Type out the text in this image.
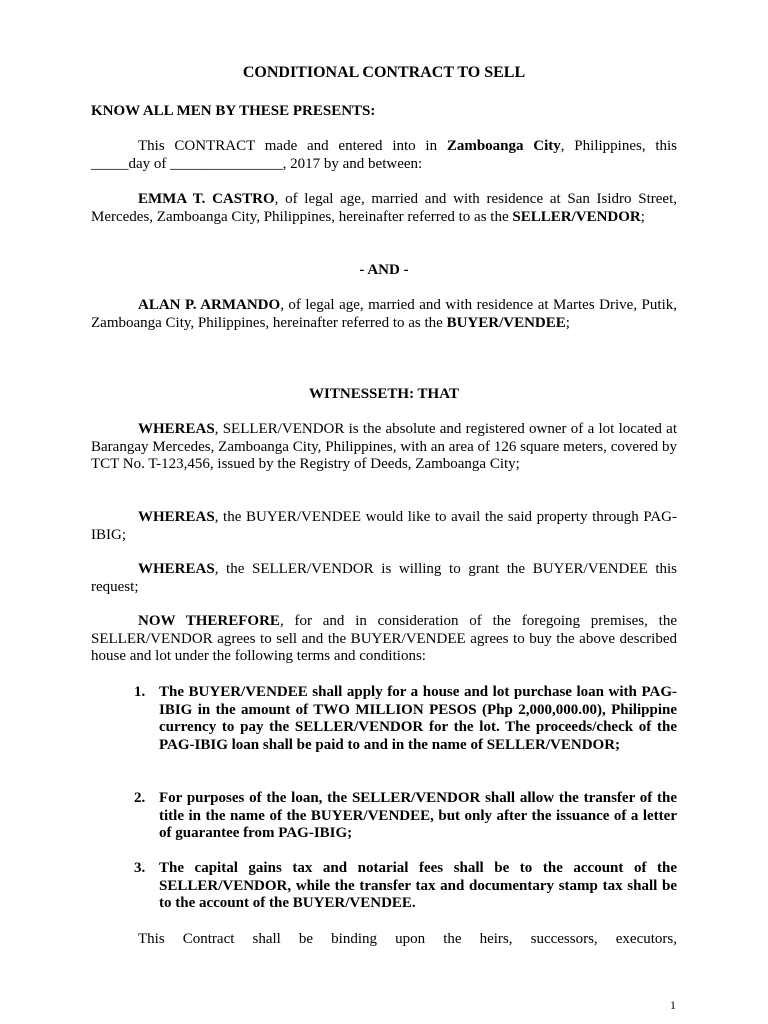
CONDITIONAL CONTRACT TO SELL

KNOW ALL MEN BY THESE PRESENTS:

This CONTRACT made and entered into in Zamboanga City, Philippines, this _____day of _______________, 2017 by and between:

EMMA T. CASTRO, of legal age, married and with residence at San Isidro Street, Mercedes, Zamboanga City, Philippines, hereinafter referred to as the SELLER/VENDOR;

- AND -

ALAN P. ARMANDO, of legal age, married and with residence at Martes Drive, Putik, Zamboanga City, Philippines, hereinafter referred to as the BUYER/VENDEE;

WITNESSETH: THAT

WHEREAS, SELLER/VENDOR is the absolute and registered owner of a lot located at Barangay Mercedes, Zamboanga City, Philippines, with an area of 126 square meters, covered by TCT No. T-123,456, issued by the Registry of Deeds, Zamboanga City;

WHEREAS, the BUYER/VENDEE would like to avail the said property through PAG-IBIG;

WHEREAS, the SELLER/VENDOR is willing to grant the BUYER/VENDEE this request;

NOW THEREFORE, for and in consideration of the foregoing premises, the SELLER/VENDOR agrees to sell and the BUYER/VENDEE agrees to buy the above described house and lot under the following terms and conditions:

1. The BUYER/VENDEE shall apply for a house and lot purchase loan with PAG-IBIG in the amount of TWO MILLION PESOS (Php 2,000,000.00), Philippine currency to pay the SELLER/VENDOR for the lot. The proceeds/check of the PAG-IBIG loan shall be paid to and in the name of SELLER/VENDOR;
2. For purposes of the loan, the SELLER/VENDOR shall allow the transfer of the title in the name of the BUYER/VENDEE, but only after the issuance of a letter of guarantee from PAG-IBIG;
3. The capital gains tax and notarial fees shall be to the account of the SELLER/VENDOR, while the transfer tax and documentary stamp tax shall be to the account of the BUYER/VENDEE.

This Contract shall be binding upon the heirs, successors, executors,

1
